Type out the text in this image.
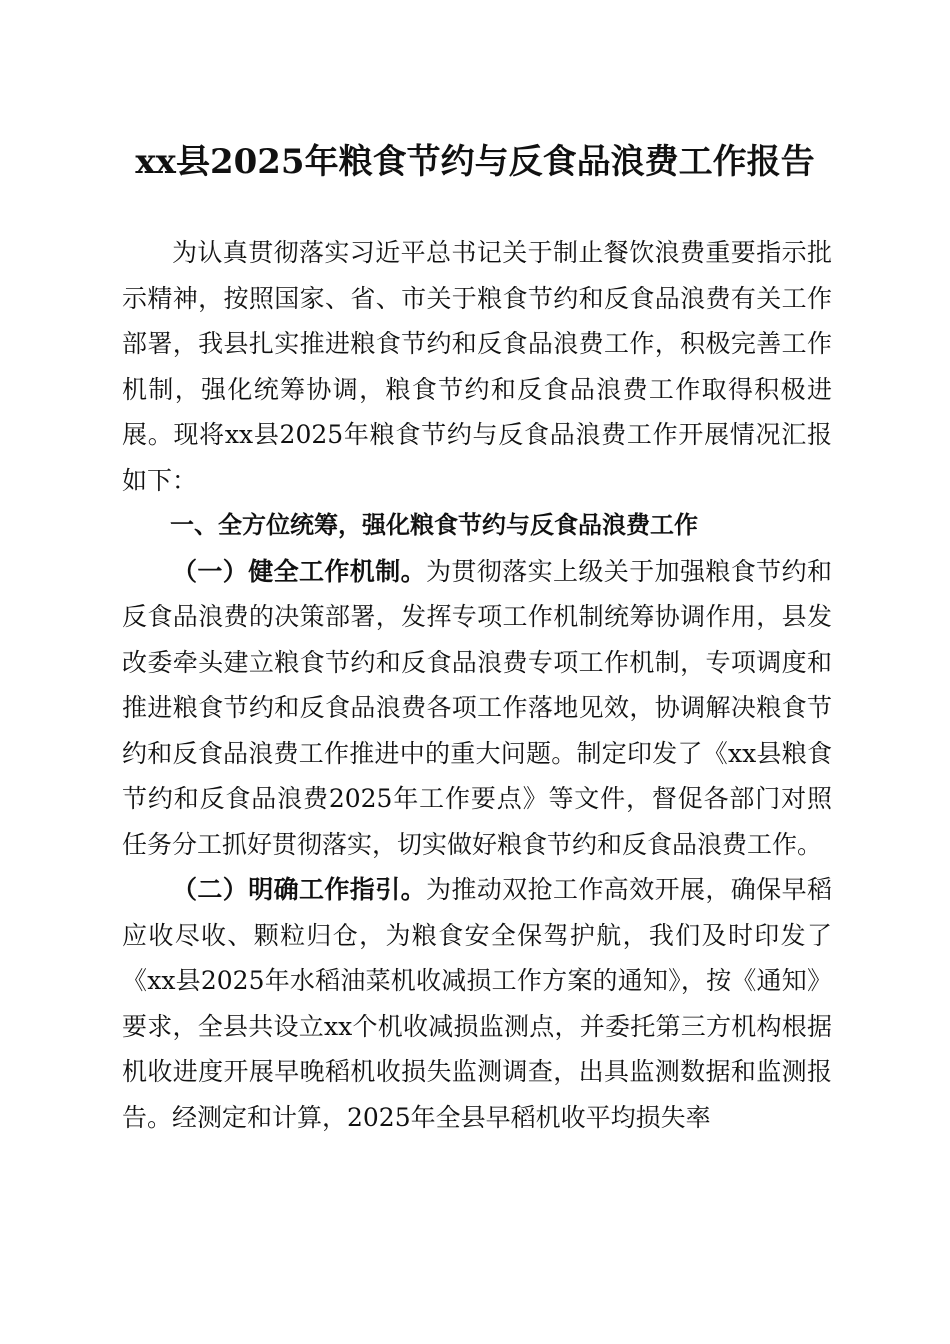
xx县2025年粮食节约与反食品浪费工作报告

为认真贯彻落实习近平总书记关于制止餐饮浪费重要指示批示精神，按照国家、省、市关于粮食节约和反食品浪费有关工作部署，我县扎实推进粮食节约和反食品浪费工作，积极完善工作机制，强化统筹协调，粮食节约和反食品浪费工作取得积极进展。现将xx县2025年粮食节约与反食品浪费工作开展情况汇报如下：

一、全方位统筹，强化粮食节约与反食品浪费工作

（一）健全工作机制。为贯彻落实上级关于加强粮食节约和反食品浪费的决策部署，发挥专项工作机制统筹协调作用，县发改委牵头建立粮食节约和反食品浪费专项工作机制，专项调度和推进粮食节约和反食品浪费各项工作落地见效，协调解决粮食节约和反食品浪费工作推进中的重大问题。制定印发了《xx县粮食节约和反食品浪费2025年工作要点》等文件，督促各部门对照任务分工抓好贯彻落实，切实做好粮食节约和反食品浪费工作。

（二）明确工作指引。为推动双抢工作高效开展，确保早稻应收尽收、颗粒归仓，为粮食安全保驾护航，我们及时印发了《xx县2025年水稻油菜机收减损工作方案的通知》，按《通知》要求，全县共设立xx个机收减损监测点，并委托第三方机构根据机收进度开展早晚稻机收损失监测调查，出具监测数据和监测报告。经测定和计算，2025年全县早稻机收平均损失率
